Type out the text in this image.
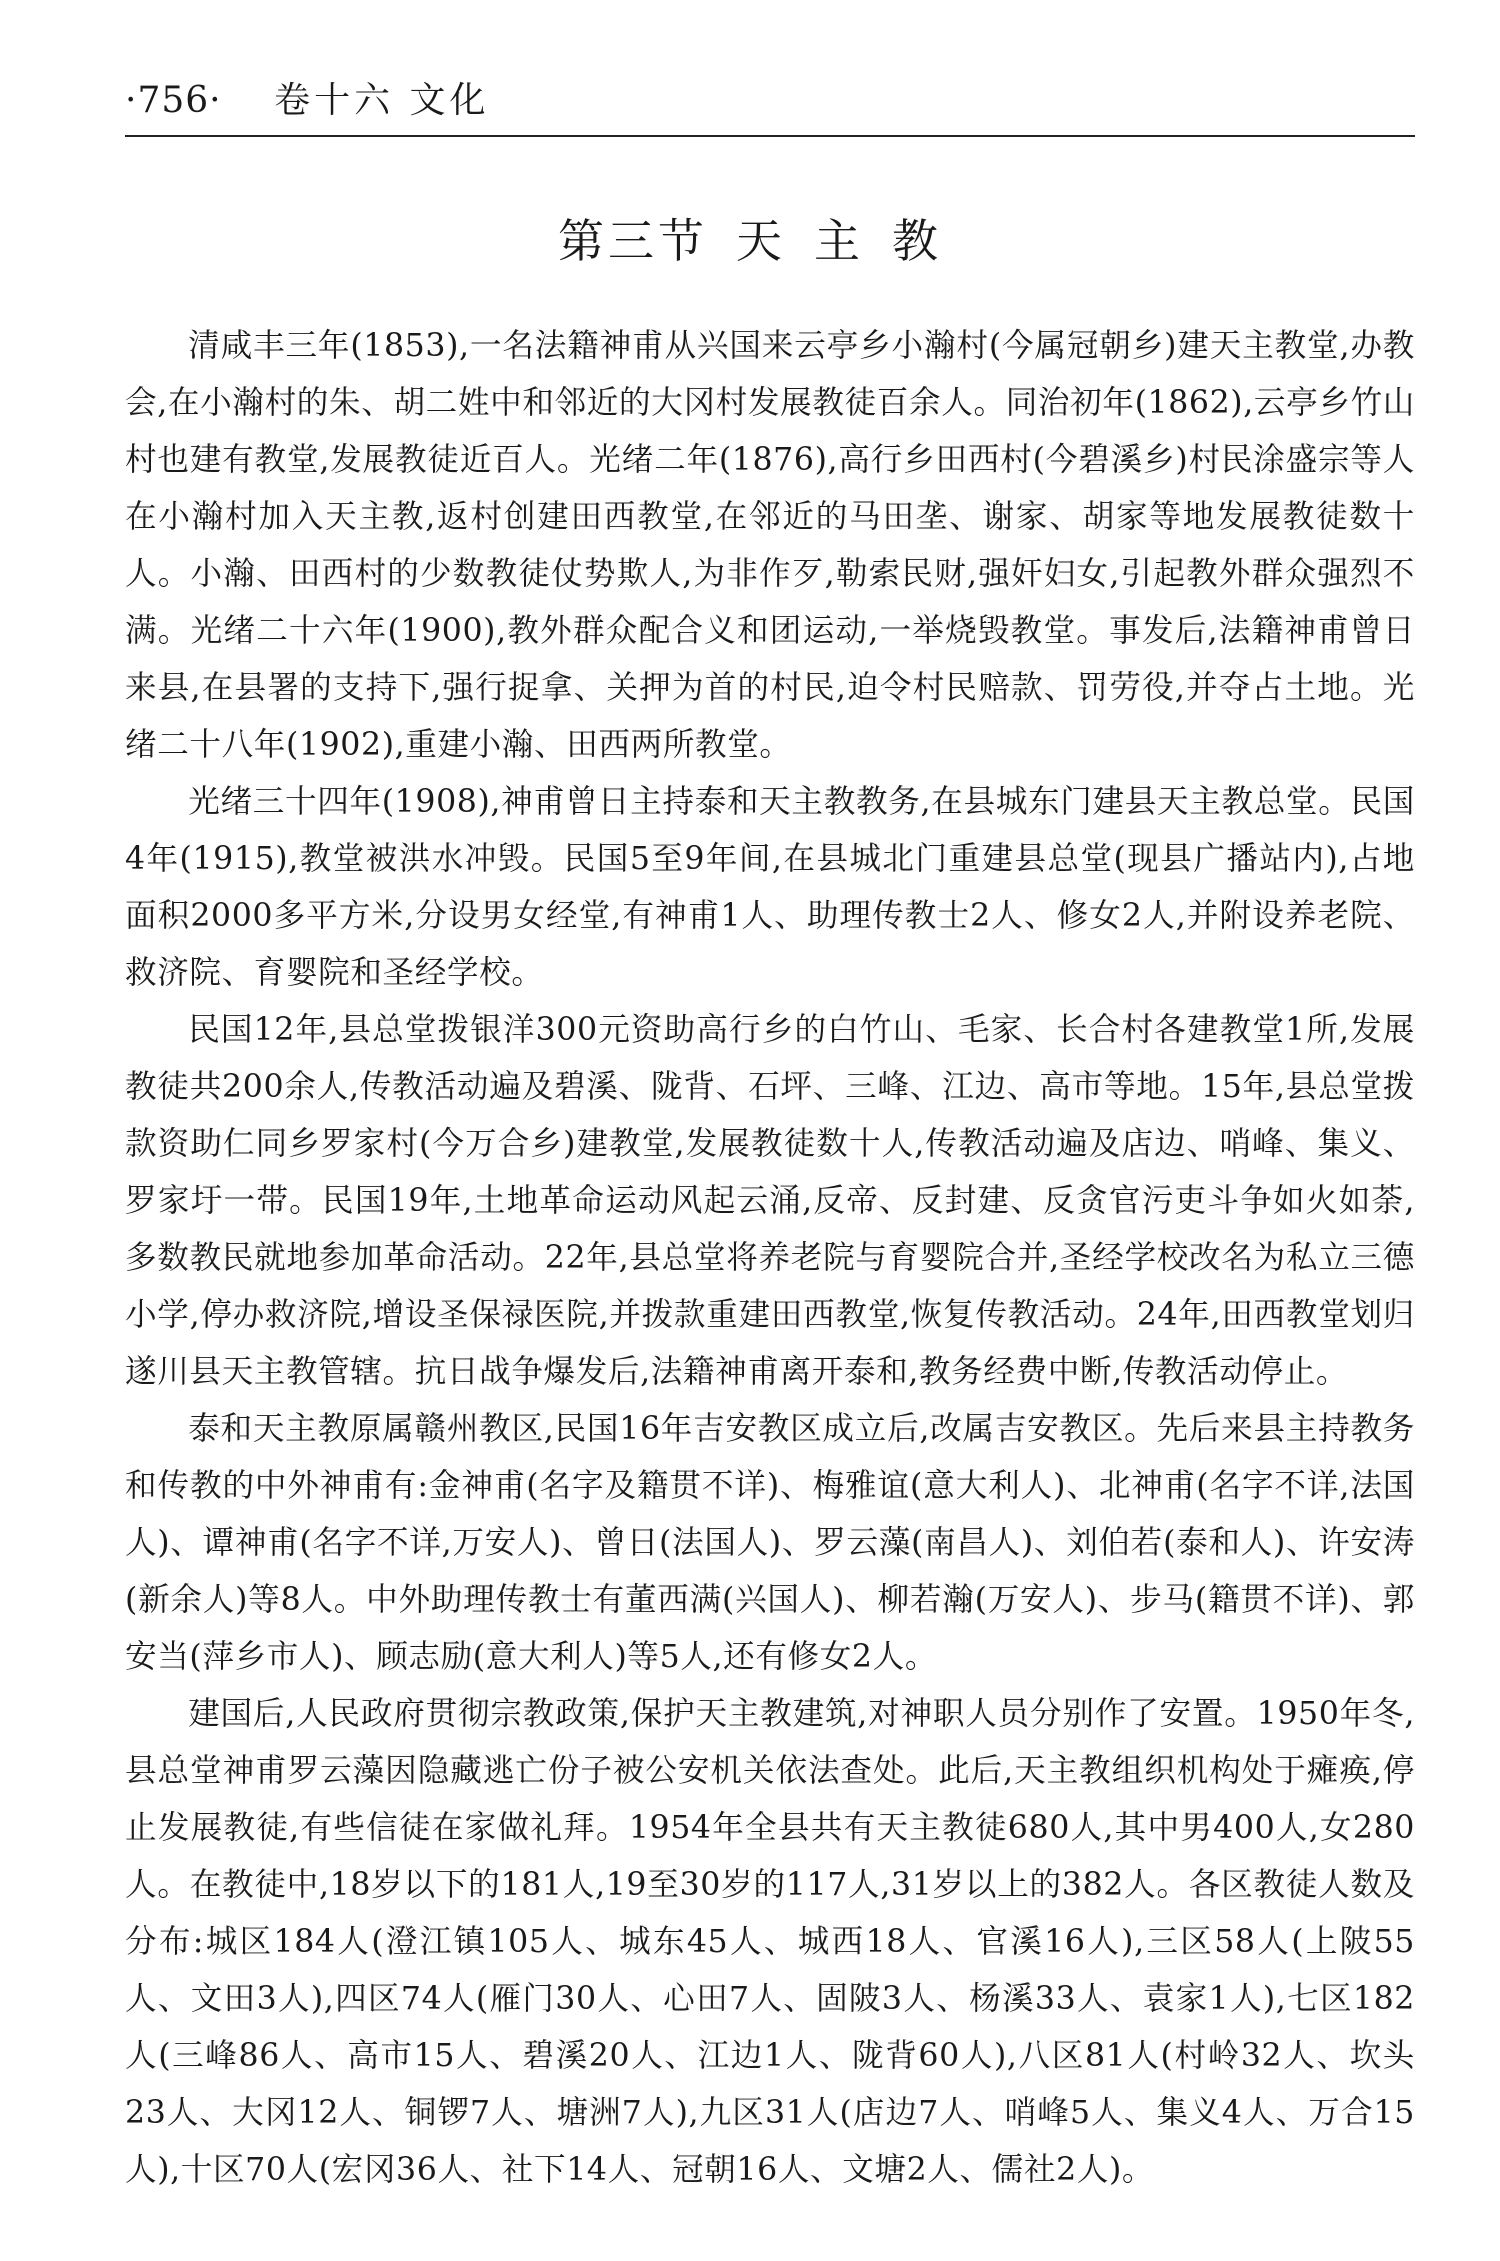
·756· 卷十六 文化
第三节 天 主 教

清咸丰三年(1853),一名法籍神甫从兴国来云亭乡小瀚村(今属冠朝乡)建天主教堂,办教会,在小瀚村的朱、胡二姓中和邻近的大冈村发展教徒百余人。同治初年(1862),云亭乡竹山村也建有教堂,发展教徒近百人。光绪二年(1876),高行乡田西村(今碧溪乡)村民涂盛宗等人在小瀚村加入天主教,返村创建田西教堂,在邻近的马田垄、谢家、胡家等地发展教徒数十人。小瀚、田西村的少数教徒仗势欺人,为非作歹,勒索民财,强奸妇女,引起教外群众强烈不满。光绪二十六年(1900),教外群众配合义和团运动,一举烧毁教堂。事发后,法籍神甫曾日来县,在县署的支持下,强行捉拿、关押为首的村民,迫令村民赔款、罚劳役,并夺占土地。光绪二十八年(1902),重建小瀚、田西两所教堂。

光绪三十四年(1908),神甫曾日主持泰和天主教教务,在县城东门建县天主教总堂。民国4年(1915),教堂被洪水冲毁。民国5至9年间,在县城北门重建县总堂(现县广播站内),占地面积2000多平方米,分设男女经堂,有神甫1人、助理传教士2人、修女2人,并附设养老院、救济院、育婴院和圣经学校。

民国12年,县总堂拨银洋300元资助高行乡的白竹山、毛家、长合村各建教堂1所,发展教徒共200余人,传教活动遍及碧溪、陇背、石坪、三峰、江边、高市等地。15年,县总堂拨款资助仁同乡罗家村(今万合乡)建教堂,发展教徒数十人,传教活动遍及店边、哨峰、集义、罗家圩一带。民国19年,土地革命运动风起云涌,反帝、反封建、反贪官污吏斗争如火如荼,多数教民就地参加革命活动。22年,县总堂将养老院与育婴院合并,圣经学校改名为私立三德小学,停办救济院,增设圣保禄医院,并拨款重建田西教堂,恢复传教活动。24年,田西教堂划归遂川县天主教管辖。抗日战争爆发后,法籍神甫离开泰和,教务经费中断,传教活动停止。

泰和天主教原属赣州教区,民国16年吉安教区成立后,改属吉安教区。先后来县主持教务和传教的中外神甫有:金神甫(名字及籍贯不详)、梅雅谊(意大利人)、北神甫(名字不详,法国人)、谭神甫(名字不详,万安人)、曾日(法国人)、罗云藻(南昌人)、刘伯若(泰和人)、许安涛(新余人)等8人。中外助理传教士有董西满(兴国人)、柳若瀚(万安人)、步马(籍贯不详)、郭安当(萍乡市人)、顾志励(意大利人)等5人,还有修女2人。

建国后,人民政府贯彻宗教政策,保护天主教建筑,对神职人员分别作了安置。1950年冬,县总堂神甫罗云藻因隐藏逃亡份子被公安机关依法查处。此后,天主教组织机构处于瘫痪,停止发展教徒,有些信徒在家做礼拜。1954年全县共有天主教徒680人,其中男400人,女280人。在教徒中,18岁以下的181人,19至30岁的117人,31岁以上的382人。各区教徒人数及分布:城区184人(澄江镇105人、城东45人、城西18人、官溪16人),三区58人(上陂55人、文田3人),四区74人(雁门30人、心田7人、固陂3人、杨溪33人、袁家1人),七区182人(三峰86人、高市15人、碧溪20人、江边1人、陇背60人),八区81人(村岭32人、坎头23人、大冈12人、铜锣7人、塘洲7人),九区31人(店边7人、哨峰5人、集义4人、万合15人),十区70人(宏冈36人、社下14人、冠朝16人、文塘2人、儒社2人)。
